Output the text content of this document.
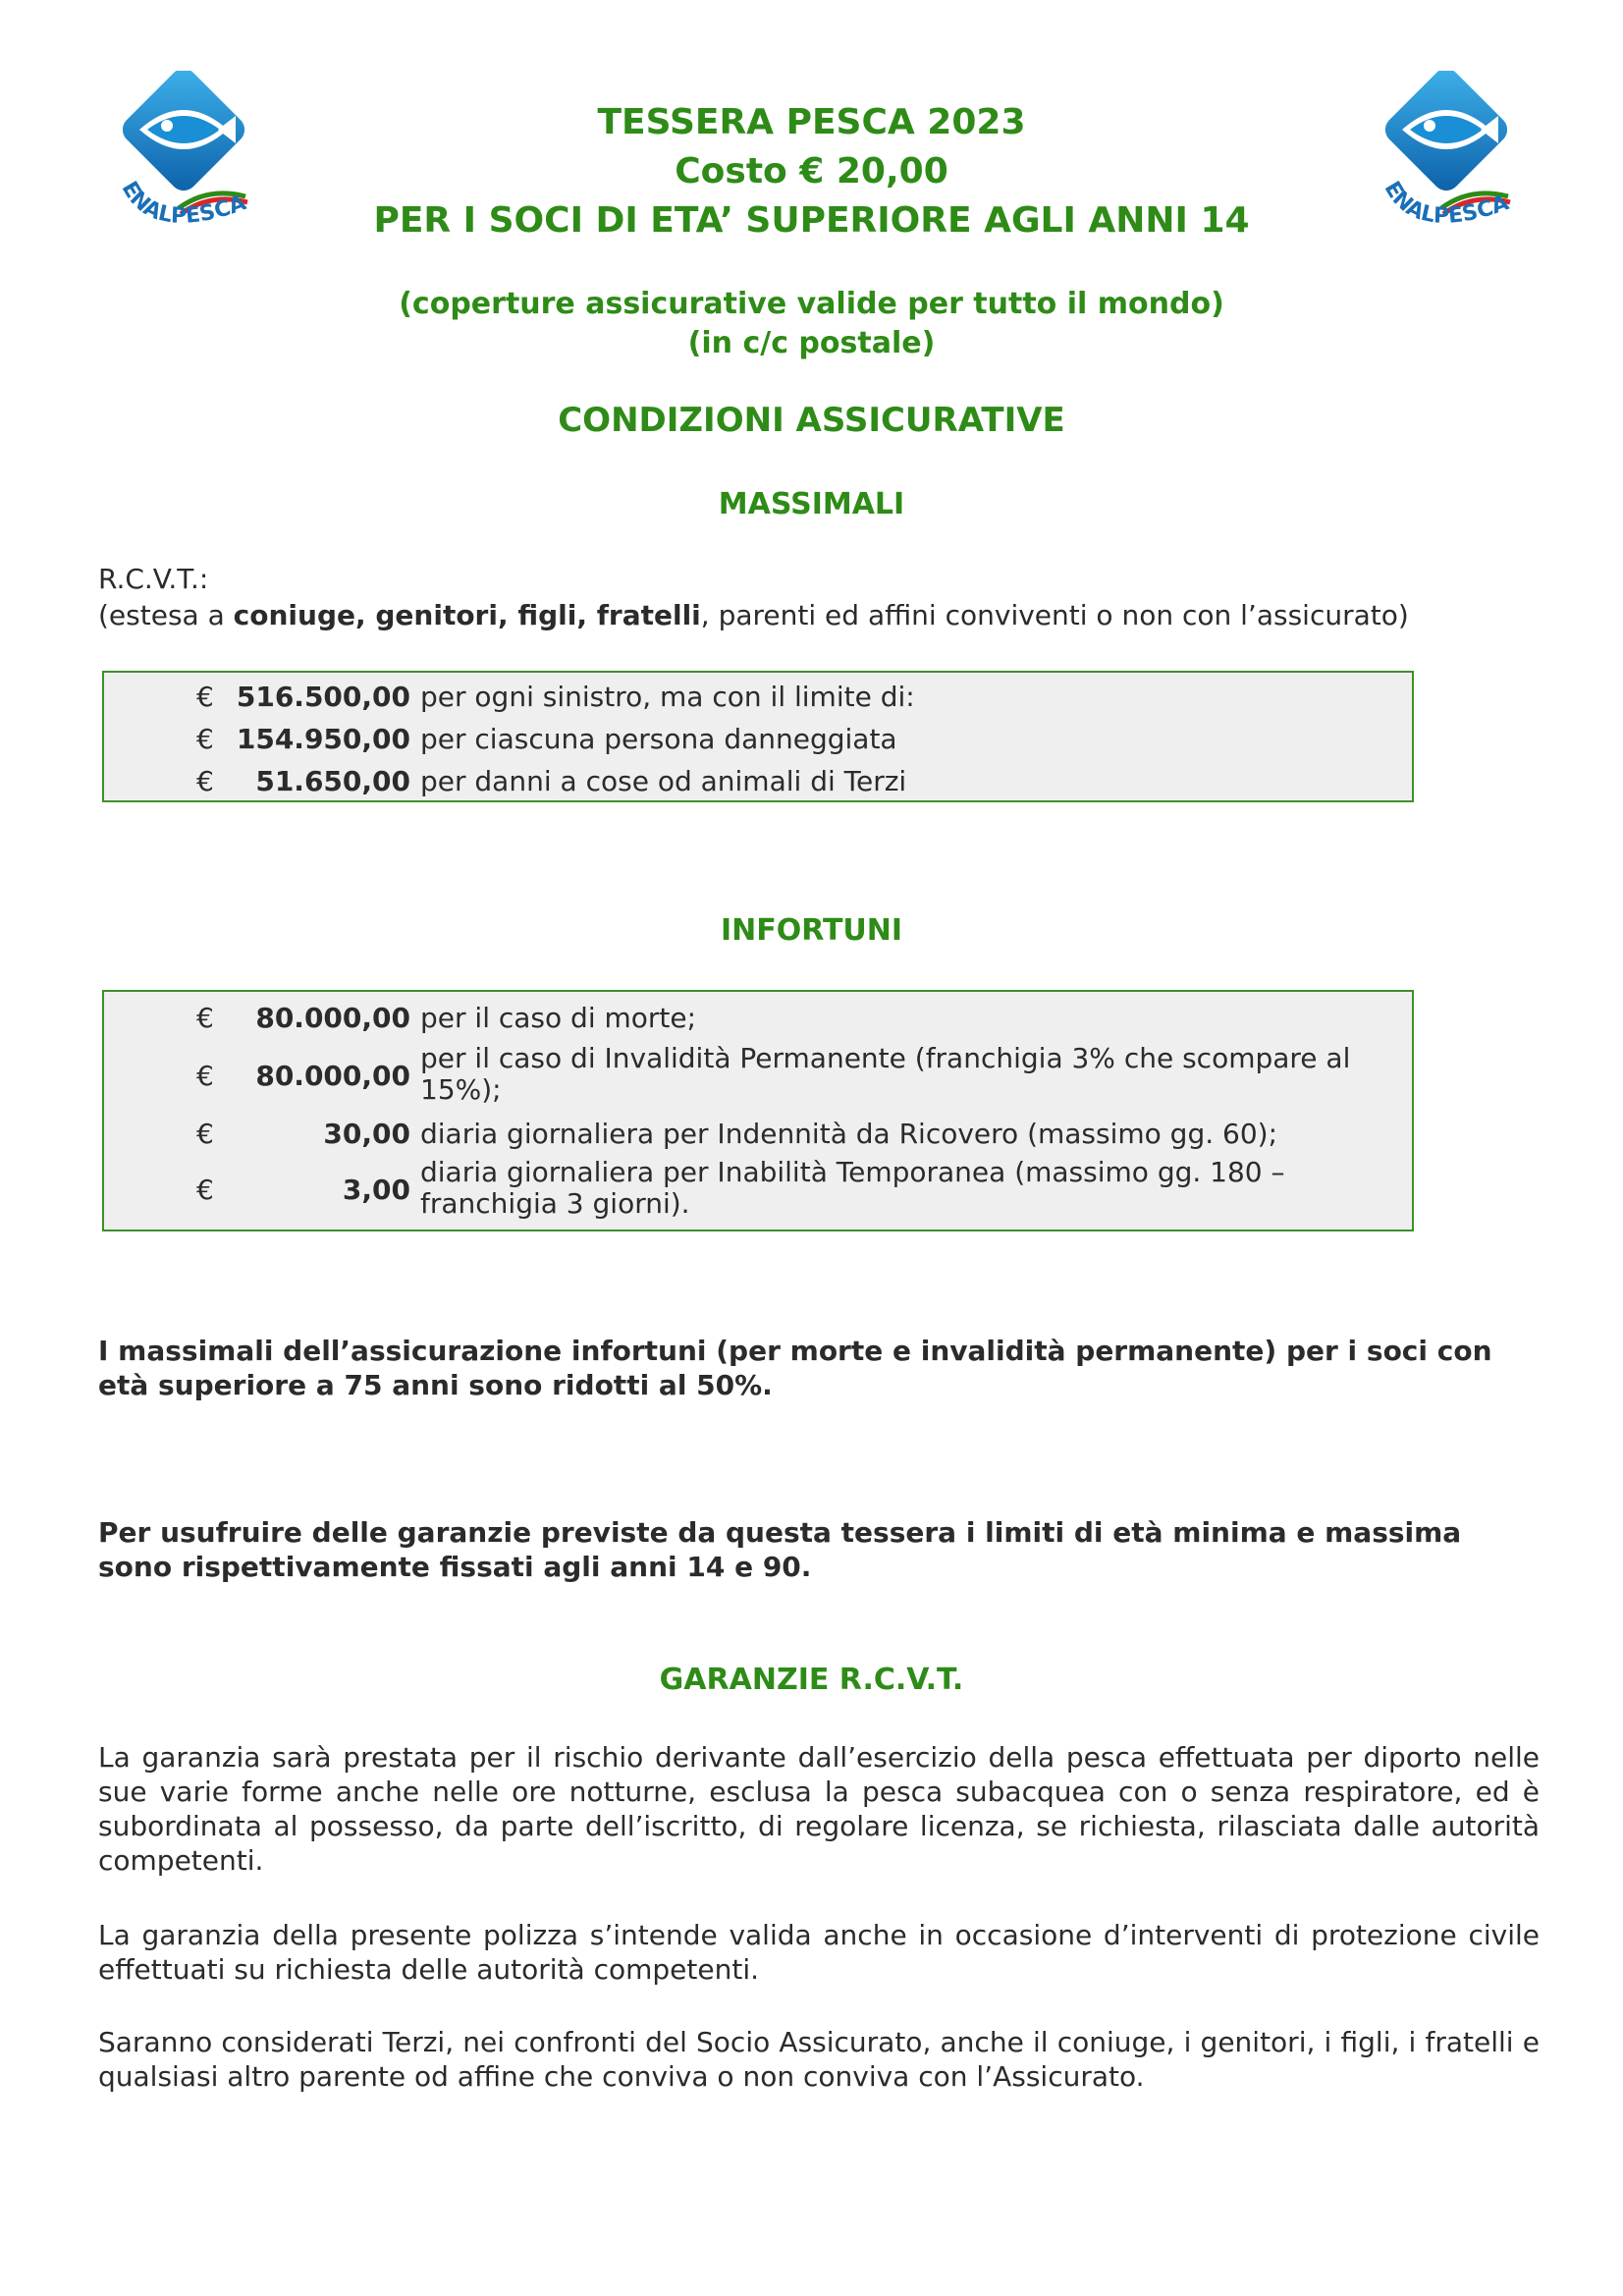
ENALPESCA
ENALPESCA
TESSERA PESCA 2023
Costo € 20,00
PER I SOCI DI ETA’ SUPERIORE AGLI ANNI 14
(coperture assicurative valide per tutto il mondo)
(in c/c postale)
CONDIZIONI ASSICURATIVE
MASSIMALI
R.C.V.T.:
(estesa a coniuge, genitori, figli, fratelli, parenti ed affini conviventi o non con l’assicurato)
€ 516.500,00 per ogni sinistro, ma con il limite di:
€ 154.950,00 per ciascuna persona danneggiata
€ 51.650,00 per danni a cose od animali di Terzi
INFORTUNI
€ 80.000,00 per il caso di morte;
€ 80.000,00
per il caso di Invalidità Permanente (franchigia 3% che scompare al 15%);
€	30,00 diaria giornaliera per Indennità da Ricovero (massimo gg. 60);
€	3,00
diaria giornaliera per Inabilità Temporanea (massimo gg. 180 – franchigia 3 giorni).
I massimali dell’assicurazione infortuni (per morte e invalidità permanente) per i soci con età superiore a 75 anni sono ridotti al 50%.
Per usufruire delle garanzie previste da questa tessera i limiti di età minima e massima sono rispettivamente fissati agli anni 14 e 90.
GARANZIE R.C.V.T.
La garanzia sarà prestata per il rischio derivante dall’esercizio della pesca effettuata per diporto nelle sue varie forme anche nelle ore notturne, esclusa la pesca subacquea con o senza respiratore, ed è subordinata al possesso, da parte dell’iscritto, di regolare licenza, se richiesta, rilasciata dalle autorità competenti.
La garanzia della presente polizza s’intende valida anche in occasione d’interventi di protezione civile effettuati su richiesta delle autorità competenti.
Saranno considerati Terzi, nei confronti del Socio Assicurato, anche il coniuge, i genitori, i figli, i fratelli e qualsiasi altro parente od affine che conviva o non conviva con l’Assicurato.
